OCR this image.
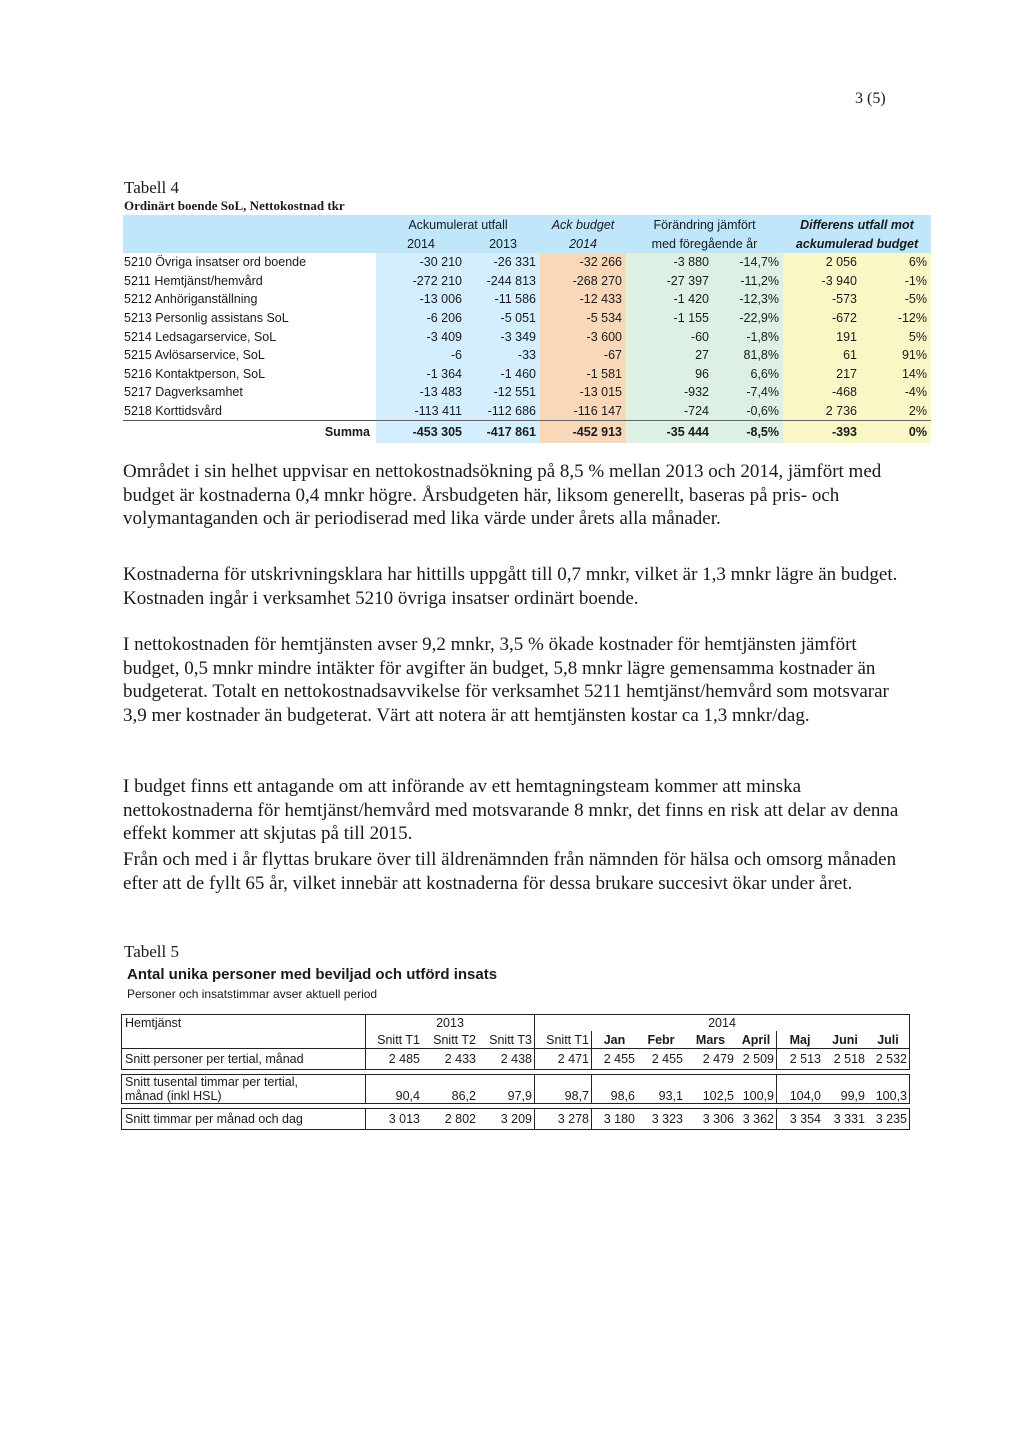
3 (5)
Tabell 4
Ordinärt boende SoL, Nettokostnad tkr
	Ackumulerat utfall		Ack budget	Förändring jämfört		Differens utfall mot	
	2014	2013	2014	med föregående år		ackumulerad budget	
5210 Övriga insatser ord boende	-30 210	-26 331	-32 266	-3 880	-14,7%	2 056	6%
5211 Hemtjänst/hemvård	-272 210	-244 813	-268 270	-27 397	-11,2%	-3 940	-1%
5212 Anhöriganställning	-13 006	-11 586	-12 433	-1 420	-12,3%	-573	-5%
5213 Personlig assistans SoL	-6 206	-5 051	-5 534	-1 155	-22,9%	-672	-12%
5214 Ledsagarservice, SoL	-3 409	-3 349	-3 600	-60	-1,8%	191	5%
5215 Avlösarservice, SoL	-6	-33	-67	27	81,8%	61	91%
5216 Kontaktperson, SoL	-1 364	-1 460	-1 581	96	6,6%	217	14%
5217 Dagverksamhet	-13 483	-12 551	-13 015	-932	-7,4%	-468	-4%
5218 Korttidsvård	-113 411	-112 686	-116 147	-724	-0,6%	2 736	2%
Summa	-453 305	-417 861	-452 913	-35 444	-8,5%	-393	0%

Området i sin helhet uppvisar en nettokostnadsökning på 8,5 % mellan 2013 och 2014, jämfört med budget är kostnaderna 0,4 mnkr högre. Årsbudgeten här, liksom generellt, baseras på pris- och volymantaganden och är periodiserad med lika värde under årets alla månader.

Kostnaderna för utskrivningsklara har hittills uppgått till 0,7 mnkr, vilket är 1,3 mnkr lägre än budget. Kostnaden ingår i verksamhet 5210 övriga insatser ordinärt boende.

I nettokostnaden för hemtjänsten avser 9,2 mnkr, 3,5 % ökade kostnader för hemtjänsten jämfört budget, 0,5 mnkr mindre intäkter för avgifter än budget, 5,8 mnkr lägre gemensamma kostnader än budgeterat. Totalt en nettokostnadsavvikelse för verksamhet 5211 hemtjänst/hemvård som motsvarar 3,9 mer kostnader än budgeterat. Värt att notera är att hemtjänsten kostar ca 1,3 mnkr/dag.

I budget finns ett antagande om att införande av ett hemtagningsteam kommer att minska nettokostnaderna för hemtjänst/hemvård med motsvarande 8 mnkr, det finns en risk att delar av denna effekt kommer att skjutas på till 2015.

Från och med i år flyttas brukare över till äldrenämnden från nämnden för hälsa och omsorg månaden efter att de fyllt 65 år, vilket innebär att kostnaderna för dessa brukare succesivt ökar under året.

Tabell 5
Antal unika personer med beviljad och utförd insats
Personer och insatstimmar avser aktuell period
Hemtjänst	2013			2014							
	Snitt T1	Snitt T2	Snitt T3	Snitt T1	Jan	Febr	Mars	April	Maj	Juni	Juli
Snitt personer per tertial, månad	2 485	2 433	2 438	2 471	2 455	2 455	2 479	2 509	2 513	2 518	2 532

Snitt tusental timmar per tertial,
månad (inkl HSL)	90,4	86,2	97,9	98,7	98,6	93,1	102,5	100,9	104,0	99,9	100,3

Snitt timmar per månad och dag	3 013	2 802	3 209	3 278	3 180	3 323	3 306	3 362	3 354	3 331	3 235
